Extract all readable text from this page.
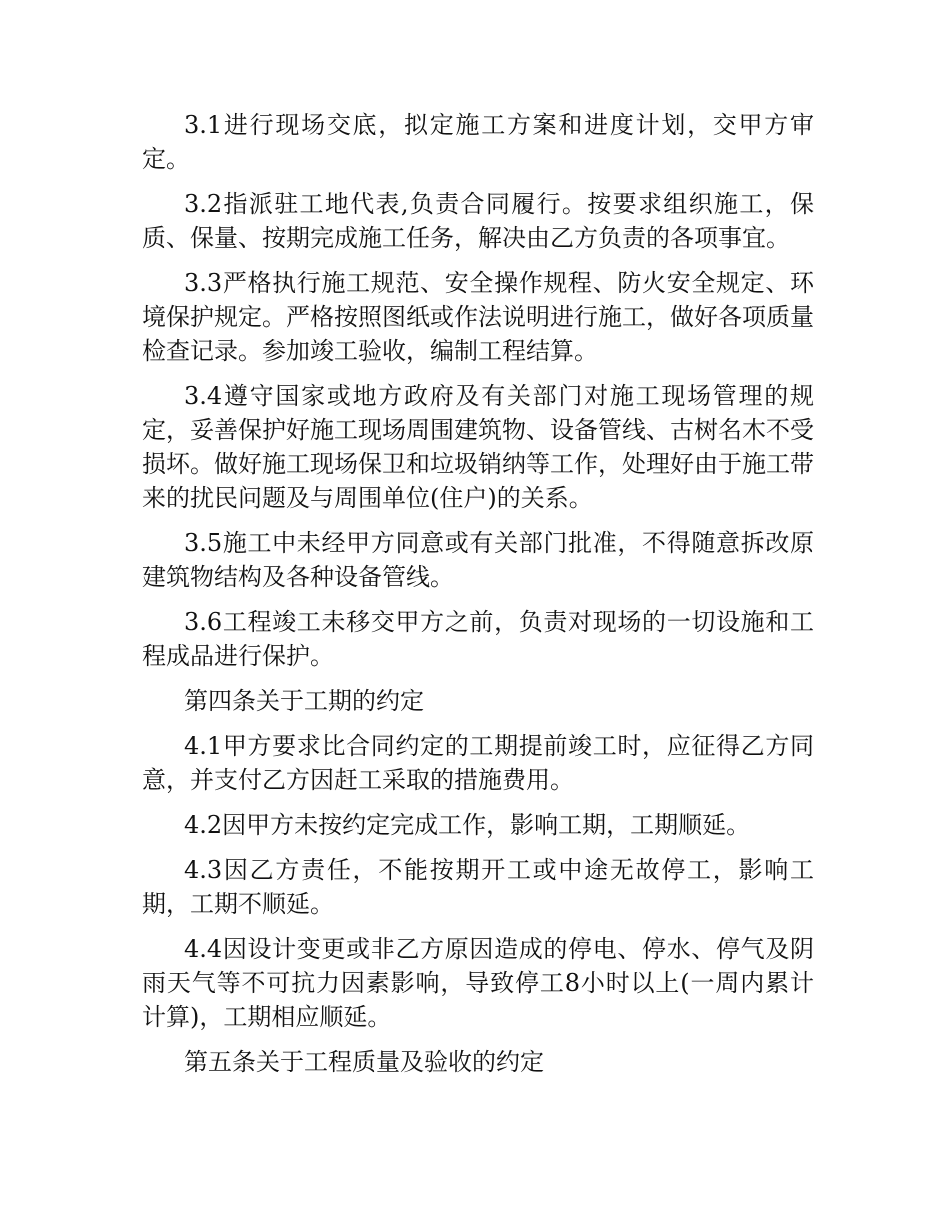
3.1进行现场交底，拟定施工方案和进度计划，交甲方审定。

3.2指派驻工地代表,负责合同履行。按要求组织施工，保质、保量、按期完成施工任务，解决由乙方负责的各项事宜。

3.3严格执行施工规范、安全操作规程、防火安全规定、环境保护规定。严格按照图纸或作法说明进行施工，做好各项质量检查记录。参加竣工验收，编制工程结算。

3.4遵守国家或地方政府及有关部门对施工现场管理的规定，妥善保护好施工现场周围建筑物、设备管线、古树名木不受损坏。做好施工现场保卫和垃圾销纳等工作，处理好由于施工带来的扰民问题及与周围单位(住户)的关系。

3.5施工中未经甲方同意或有关部门批准，不得随意拆改原建筑物结构及各种设备管线。

3.6工程竣工未移交甲方之前，负责对现场的一切设施和工程成品进行保护。

第四条关于工期的约定

4.1甲方要求比合同约定的工期提前竣工时，应征得乙方同意，并支付乙方因赶工采取的措施费用。

4.2因甲方未按约定完成工作，影响工期，工期顺延。

4.3因乙方责任，不能按期开工或中途无故停工，影响工期，工期不顺延。

4.4因设计变更或非乙方原因造成的停电、停水、停气及阴雨天气等不可抗力因素影响，导致停工8小时以上(一周内累计计算)，工期相应顺延。

第五条关于工程质量及验收的约定
